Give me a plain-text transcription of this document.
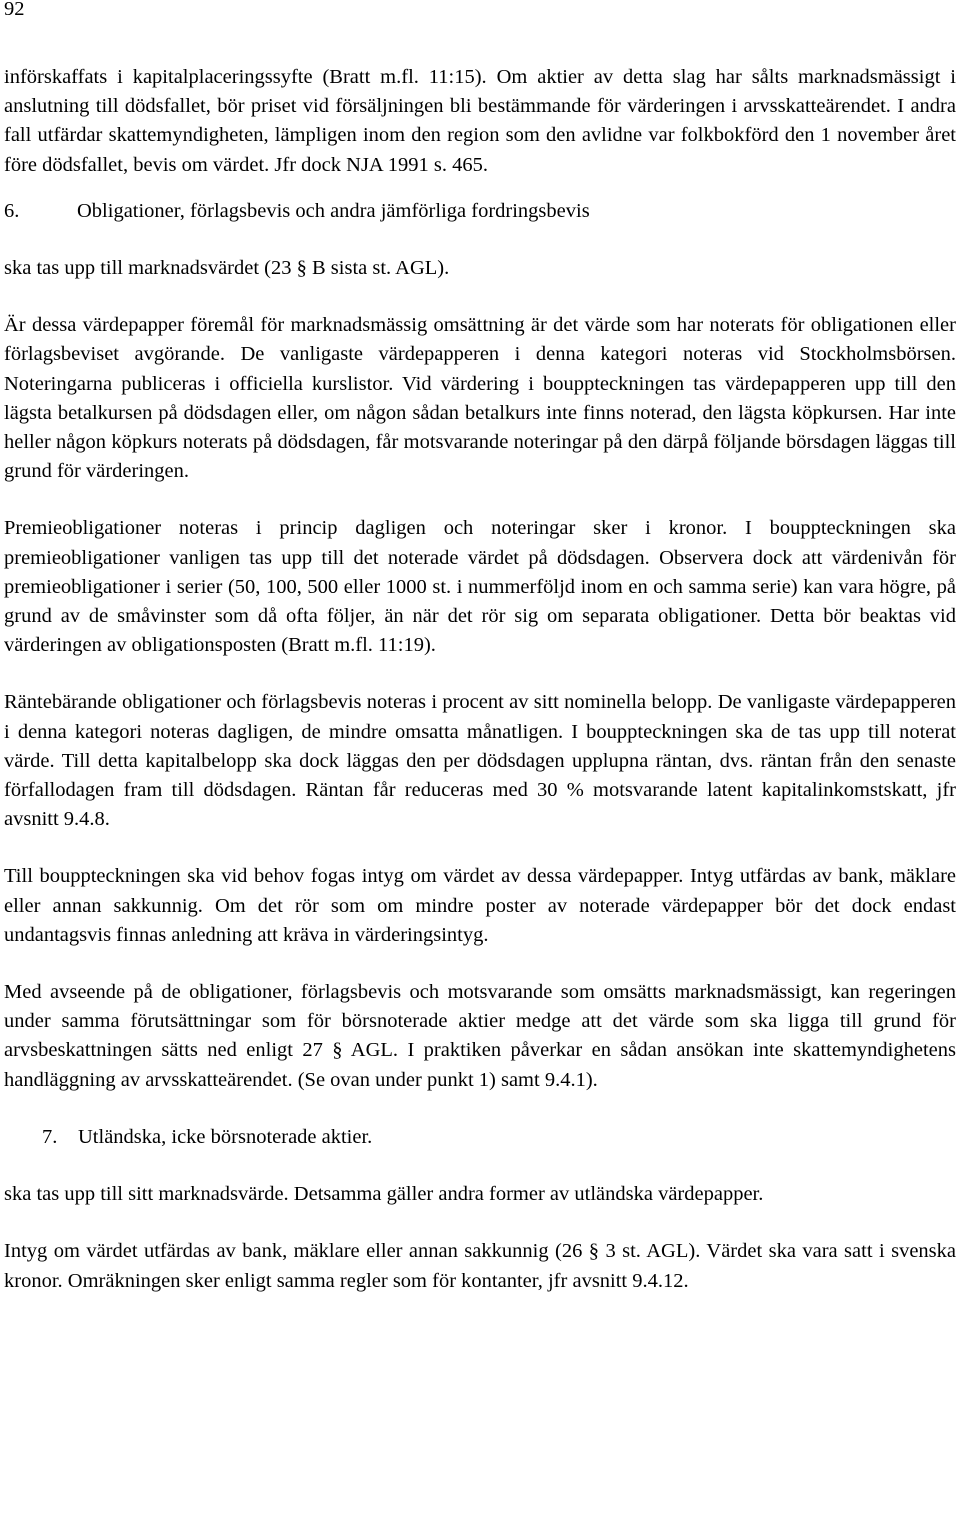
92

införskaffats i kapitalplaceringssyfte (Bratt m.fl. 11:15). Om aktier av detta slag har sålts marknadsmässigt i anslutning till dödsfallet, bör priset vid försäljningen bli bestämmande för värderingen i arvsskatteärendet. I andra fall utfärdar skattemyndigheten, lämpligen inom den region som den avlidne var folkbokförd den 1 november året före dödsfallet, bevis om värdet. Jfr dock NJA 1991 s. 465.

6.	Obligationer, förlagsbevis och andra jämförliga fordringsbevis

ska tas upp till marknadsvärdet (23 § B sista st. AGL).

Är dessa värdepapper föremål för marknadsmässig omsättning är det värde som har noterats för obligationen eller förlagsbeviset avgörande. De vanligaste värdepapperen i denna kategori noteras vid Stockholmsbörsen. Noteringarna publiceras i officiella kurslistor. Vid värdering i bouppteckningen tas värdepapperen upp till den lägsta betalkursen på dödsdagen eller, om någon sådan betalkurs inte finns noterad, den lägsta köpkursen. Har inte heller någon köpkurs noterats på dödsdagen, får motsvarande noteringar på den därpå följande börsdagen läggas till grund för värderingen.

Premieobligationer noteras i princip dagligen och noteringar sker i kronor. I bouppteckningen ska premieobligationer vanligen tas upp till det noterade värdet på dödsdagen. Observera dock att värdenivån för premieobligationer i serier (50, 100, 500 eller 1000 st. i nummerföljd inom en och samma serie) kan vara högre, på grund av de småvinster som då ofta följer, än när det rör sig om separata obligationer. Detta bör beaktas vid värderingen av obligationsposten (Bratt m.fl. 11:19).

Räntebärande obligationer och förlagsbevis noteras i procent av sitt nominella belopp. De vanligaste värdepapperen i denna kategori noteras dagligen, de mindre omsatta månatligen. I bouppteckningen ska de tas upp till noterat värde. Till detta kapitalbelopp ska dock läggas den per dödsdagen upplupna räntan, dvs. räntan från den senaste förfallodagen fram till dödsdagen. Räntan får reduceras med 30 % motsvarande latent kapitalinkomstskatt, jfr avsnitt 9.4.8.

Till bouppteckningen ska vid behov fogas intyg om värdet av dessa värdepapper. Intyg utfärdas av bank, mäklare eller annan sakkunnig. Om det rör som om mindre poster av noterade värdepapper bör det dock endast undantagsvis finnas anledning att kräva in värderingsintyg.

Med avseende på de obligationer, förlagsbevis och motsvarande som omsätts marknadsmässigt, kan regeringen under samma förutsättningar som för börsnoterade aktier medge att det värde som ska ligga till grund för arvsbeskattningen sätts ned enligt 27 § AGL. I praktiken påverkar en sådan ansökan inte skattemyndighetens handläggning av arvsskatteärendet. (Se ovan under punkt 1) samt 9.4.1).

7. Utländska, icke börsnoterade aktier.

ska tas upp till sitt marknadsvärde. Detsamma gäller andra former av utländska värdepapper.

Intyg om värdet utfärdas av bank, mäklare eller annan sakkunnig (26 § 3 st. AGL). Värdet ska vara satt i svenska kronor. Omräkningen sker enligt samma regler som för kontanter, jfr avsnitt 9.4.12.
